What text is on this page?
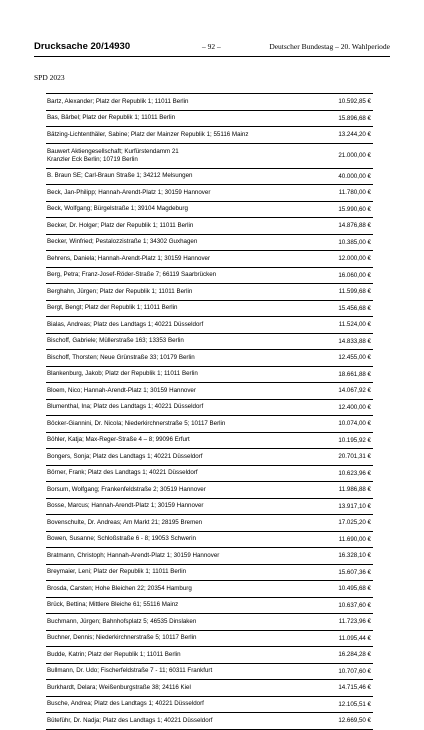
Drucksache 20/14930	– 92 –	Deutscher Bundestag – 20. Wahlperiode
SPD 2023
Bartz, Alexander; Platz der Republik 1; 11011 Berlin	10.592,85 €
Bas, Bärbel; Platz der Republik 1; 11011 Berlin	15.896,68 €
Bätzing-Lichtenthäler, Sabine; Platz der Mainzer Republik 1; 55116 Mainz	13.244,20 €
Bauwert Aktiengesellschaft; Kurfürstendamm 21
Kranzler Eck Berlin; 10719 Berlin	21.000,00 €
B. Braun SE; Carl-Braun Straße 1; 34212 Melsungen	40.000,00 €
Beck, Jan-Philipp; Hannah-Arendt-Platz 1; 30159 Hannover	11.780,00 €
Beck, Wolfgang; Bürgelstraße 1; 39104 Magdeburg	15.990,60 €
Becker, Dr. Holger; Platz der Republik 1; 11011 Berlin	14.876,88 €
Becker, Winfried; Pestalozzistraße 1; 34302 Guxhagen	10.385,00 €
Behrens, Daniela; Hannah-Arendt-Platz 1; 30159 Hannover	12.000,00 €
Berg, Petra; Franz-Josef-Röder-Straße 7; 66119 Saarbrücken	16.060,00 €
Berghahn, Jürgen; Platz der Republik 1; 11011 Berlin	11.599,68 €
Bergt, Bengt; Platz der Republik 1; 11011 Berlin	15.456,68 €
Bialas, Andreas; Platz des Landtags 1; 40221 Düsseldorf	11.524,00 €
Bischoff, Gabriele; Müllerstraße 163; 13353 Berlin	14.833,88 €
Bischoff, Thorsten; Neue Grünstraße 33; 10179 Berlin	12.455,00 €
Blankenburg, Jakob; Platz der Republik 1; 11011 Berlin	18.661,88 €
Bloem, Nico; Hannah-Arendt-Platz 1; 30159 Hannover	14.067,92 €
Blumenthal, Ina; Platz des Landtags 1; 40221 Düsseldorf	12.400,00 €
Böcker-Giannini, Dr. Nicola; Niederkirchnerstraße 5; 10117 Berlin	10.074,00 €
Böhler, Katja; Max-Reger-Straße 4 – 8; 99096 Erfurt	10.195,92 €
Bongers, Sonja; Platz des Landtags 1; 40221 Düsseldorf	20.701,31 €
Börner, Frank; Platz des Landtags 1; 40221 Düsseldorf	10.623,96 €
Borsum, Wolfgang; Frankenfeldstraße 2; 30519 Hannover	11.986,88 €
Bosse, Marcus; Hannah-Arendt-Platz 1; 30159 Hannover	13.917,10 €
Bovenschulte, Dr. Andreas; Am Markt 21; 28195 Bremen	17.025,20 €
Bowen, Susanne; Schloßstraße 6 - 8; 19053 Schwerin	11.690,00 €
Bratmann, Christoph; Hannah-Arendt-Platz 1; 30159 Hannover	16.328,10 €
Breymaier, Leni; Platz der Republik 1; 11011 Berlin	15.607,36 €
Brosda, Carsten; Hohe Bleichen 22; 20354 Hamburg	10.495,68 €
Brück, Bettina; Mittlere Bleiche 61; 55116 Mainz	10.637,60 €
Buchmann, Jürgen; Bahnhofsplatz 5; 46535 Dinslaken	11.723,96 €
Buchner, Dennis; Niederkirchnerstraße 5; 10117 Berlin	11.095,44 €
Budde, Katrin; Platz der Republik 1; 11011 Berlin	16.284,28 €
Bullmann, Dr. Udo; Fischerfeldstraße 7 - 11; 60311 Frankfurt	10.707,60 €
Burkhardt, Delara; Weißenburgstraße 38; 24116 Kiel	14.715,46 €
Busche, Andrea; Platz des Landtags 1; 40221 Düsseldorf	12.105,51 €
Büteführ, Dr. Nadja; Platz des Landtags 1; 40221 Düsseldorf	12.669,50 €
